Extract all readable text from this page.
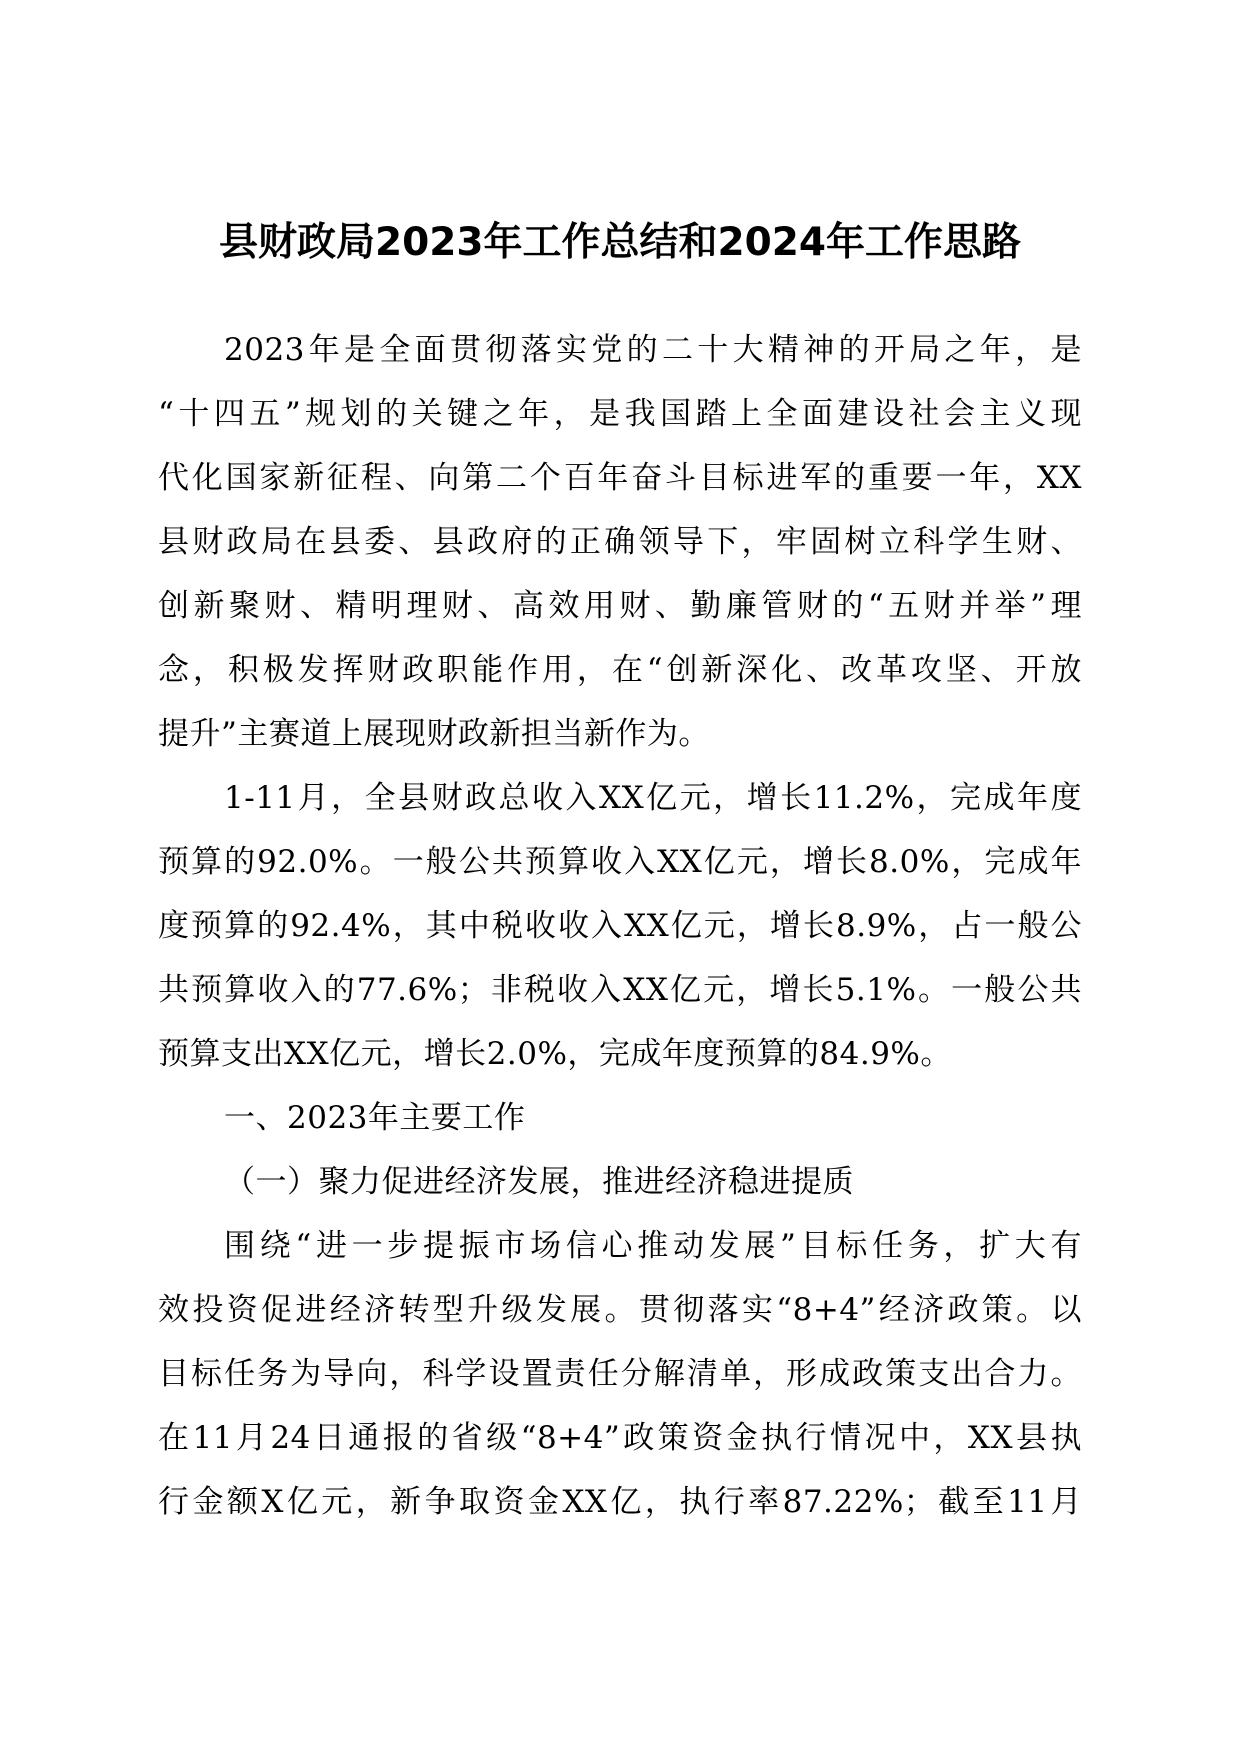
县财政局2023年工作总结和2024年工作思路
2023年是全面贯彻落实党的二十大精神的开局之年，是
“十四五”规划的关键之年，是我国踏上全面建设社会主义现
代化国家新征程、向第二个百年奋斗目标进军的重要一年，XX
县财政局在县委、县政府的正确领导下，牢固树立科学生财、
创新聚财、精明理财、高效用财、勤廉管财的“五财并举”理
念，积极发挥财政职能作用，在“创新深化、改革攻坚、开放
提升”主赛道上展现财政新担当新作为。
1-11月，全县财政总收入XX亿元，增长11.2%，完成年度
预算的92.0%。一般公共预算收入XX亿元，增长8.0%，完成年
度预算的92.4%，其中税收收入XX亿元，增长8.9%，占一般公
共预算收入的77.6%；非税收入XX亿元，增长5.1%。一般公共
预算支出XX亿元，增长2.0%，完成年度预算的84.9%。
一、2023年主要工作
（一）聚力促进经济发展，推进经济稳进提质
围绕“进一步提振市场信心推动发展”目标任务，扩大有
效投资促进经济转型升级发展。贯彻落实“8+4”经济政策。以
目标任务为导向，科学设置责任分解清单，形成政策支出合力。
在11月24日通报的省级“8+4”政策资金执行情况中，XX县执
行金额X亿元，新争取资金XX亿，执行率87.22%；截至11月
